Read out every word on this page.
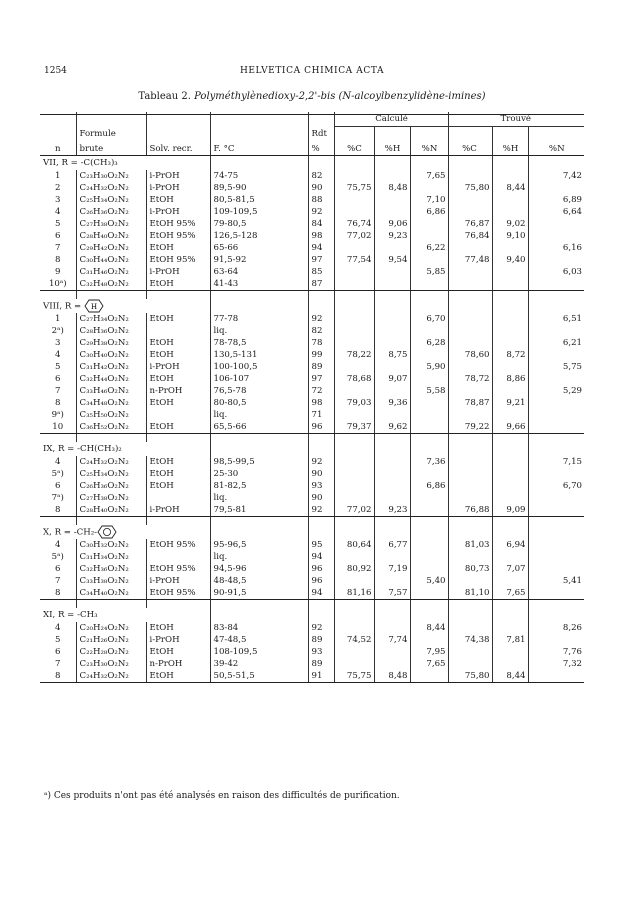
1254	HELVETICA CHIMICA ACTA
Tableau 2. Polyméthylènedioxy-2,2'-bis (N-alcoylbenzylidène-imines)
					Calculé			Trouvé		
	Formule			Rdt						
n	brute	Solv. recr.	F. °C	%	%C	%H	%N	%C	%H	%N
VII, R = -C(CH₃)₃										
1	C₂₃H₃₀O₂N₂	i-PrOH	74-75	82			7,65			7,42
2	C₂₄H₃₂O₂N₂	i-PrOH	89,5-90	90	75,75	8,48		75,80	8,44	
3	C₂₅H₃₄O₂N₂	EtOH	80,5-81,5	88			7,10			6,89
4	C₂₆H₃₆O₂N₂	i-PrOH	109-109,5	92			6,86			6,64
5	C₂₇H₃₈O₂N₂	EtOH 95%	79-80,5	84	76,74	9,06		76,87	9,02	
6	C₂₈H₄₀O₂N₂	EtOH 95%	126,5-128	98	77,02	9,23		76,84	9,10	
7	C₂₉H₄₂O₂N₂	EtOH	65-66	94			6,22			6,16
8	C₃₀H₄₄O₂N₂	EtOH 95%	91,5-92	97	77,54	9,54		77,48	9,40	
9	C₃₁H₄₆O₂N₂	i-PrOH	63-64	85			5,85			6,03
10ᵃ)	C₃₂H₄₈O₂N₂	EtOH	41-43	87						

VIII, R = H										

1	C₂₇H₃₄O₂N₂	EtOH	77-78	92			6,70			6,51
2ᵃ)	C₂₈H₃₆O₂N₂		liq.	82						
3	C₂₉H₃₈O₂N₂	EtOH	78-78,5	78			6,28			6,21
4	C₃₀H₄₀O₂N₂	EtOH	130,5-131	99	78,22	8,75		78,60	8,72	
5	C₃₁H₄₂O₂N₂	i-PrOH	100-100,5	89			5,90			5,75
6	C₃₂H₄₄O₂N₂	EtOH	106-107	97	78,68	9,07		78,72	8,86	
7	C₃₃H₄₆O₂N₂	n-PrOH	76,5-78	72			5,58			5,29
8	C₃₄H₄₈O₂N₂	EtOH	80-80,5	98	79,03	9,36		78,87	9,21	
9ᵃ)	C₃₅H₅₀O₂N₂		liq.	71						
10	C₃₆H₅₂O₂N₂	EtOH	65,5-66	96	79,37	9,62		79,22	9,66	

IX, R = -CH(CH₃)₂										
4	C₂₄H₃₂O₂N₂	EtOH	98,5-99,5	92			7,36			7,15
5ᵃ)	C₂₅H₃₄O₂N₂	EtOH	25-30	90						
6	C₂₆H₃₆O₂N₂	EtOH	81-82,5	93			6,86			6,70
7ᵃ)	C₂₇H₃₈O₂N₂		liq.	90						
8	C₂₈H₄₀O₂N₂	i-PrOH	79,5-81	92	77,02	9,23		76,88	9,09	

X, R = -CH₂-										
4	C₃₀H₃₂O₂N₂	EtOH 95%	95-96,5	95	80,64	6,77		81,03	6,94	
5ᵃ)	C₃₁H₃₄O₂N₂		liq.	94						
6	C₃₂H₃₆O₂N₂	EtOH 95%	94,5-96	96	80,92	7,19		80,73	7,07	
7	C₃₃H₃₈O₂N₂	i-PrOH	48-48,5	96			5,40			5,41
8	C₃₄H₄₀O₂N₂	EtOH 95%	90-91,5	94	81,16	7,57		81,10	7,65	

XI, R = -CH₃										
4	C₂₀H₂₄O₂N₂	EtOH	83-84	92			8,44			8,26
5	C₂₁H₂₆O₂N₂	i-PrOH	47-48,5	89	74,52	7,74		74,38	7,81	
6	C₂₂H₂₈O₂N₂	EtOH	108-109,5	93			7,95			7,76
7	C₂₃H₃₀O₂N₂	n-PrOH	39-42	89			7,65			7,32
8	C₂₄H₃₂O₂N₂	EtOH	50,5-51,5	91	75,75	8,48		75,80	8,44	
ᵃ) Ces produits n'ont pas été analysés en raison des difficultés de purification.
